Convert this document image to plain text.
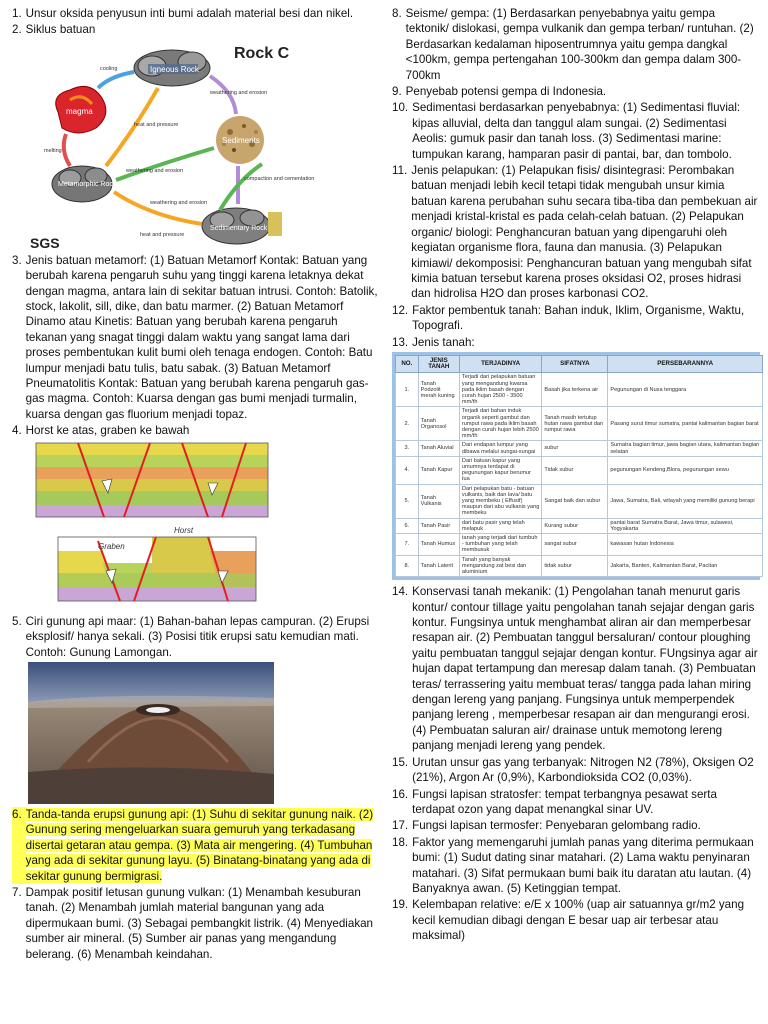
1. Unsur oksida penyusun inti bumi adalah material besi dan nikel.
2. Siklus batuan
Igneous Rock
magma
Sediments
Metamorphic Rock
Sedimentary Rock
cooling
weathering and erosion
heat and pressure
melting
weathering and erosion
compaction and cementation
weathering and erosion
heat and pressure
Rock C
SGS
3. Jenis batuan metamorf: (1) Batuan Metamorf Kontak: Batuan yang berubah karena pengaruh suhu yang tinggi karena letaknya dekat dengan magma, antara lain di sekitar batuan intrusi. Contoh: Batolik, stock, lakolit, sill, dike, dan batu marmer. (2) Batuan Metamorf Dinamo atau Kinetis: Batuan yang berubah karena pengaruh tekanan yang snagat tinggi dalam waktu yang sangat lama dari proses pembentukan kulit bumi oleh tenaga endogen. Contoh: Batu lumpur menjadi batu tulis, batu sabak. (3) Batuan Metamorf Pneumatolitis Kontak: Batuan yang berubah karena pengaruh gas-gas magma. Contoh: Kuarsa dengan gas bumi menjadi turmalin, kuarsa dengan gas fluorium menjadi topaz.
4. Horst ke atas, graben ke bawah
Graben
Horst
5. Ciri gunung api maar: (1) Bahan-bahan lepas campuran. (2) Erupsi eksplosif/ hanya sekali. (3) Posisi titik erupsi satu kemudian mati. Contoh: Gunung Lamongan.
6. Tanda-tanda erupsi gunung api: (1) Suhu di sekitar gunung naik. (2) Gunung sering mengeluarkan suara gemuruh yang terkadasang disertai getaran atau gempa. (3) Mata air mengering. (4) Tumbuhan yang ada di sekitar gunung layu. (5) Binatang-binatang yang ada di sekitar gunung bermigrasi.
7. Dampak positif letusan gunung vulkan: (1) Menambah kesuburan tanah. (2) Menambah jumlah material bangunan yang ada dipermukaan bumi. (3) Sebagai pembangkit listrik. (4) Menyediakan sumber air mineral. (5) Sumber air panas yang mengandung belerang. (6) Menambah keindahan.
8. Seisme/ gempa: (1) Berdasarkan penyebabnya yaitu gempa tektonik/ dislokasi, gempa vulkanik dan gempa terban/ runtuhan. (2) Berdasarkan kedalaman hiposentrumnya yaitu gempa dangkal <100km, gempa pertengahan 100-300km dan gempa dalam 300-700km
9. Penyebab potensi gempa di Indonesia.
10. Sedimentasi berdasarkan penyebabnya: (1) Sedimentasi fluvial: kipas alluvial, delta dan tanggul alam sungai. (2) Sedimentasi Aeolis: gumuk pasir dan tanah loss. (3) Sedimentasi marine: tumpukan karang, hamparan pasir di pantai, bar, dan tombolo.
11. Jenis pelapukan: (1) Pelapukan fisis/ disintegrasi: Perombakan batuan menjadi lebih kecil tetapi tidak mengubah unsur kimia batuan karena perubahan suhu secara tiba-tiba dan pembekuan air menjadi kristal-kristal es pada celah-celah batuan. (2) Pelapukan organic/ biologi: Penghancuran batuan yang dipengaruhi oleh kegiatan organisme flora, fauna dan manusia. (3) Pelapukan kimiawi/ dekomposisi: Penghancuran batuan yang mengubah sifat kimia batuan tersebut karena proses oksidasi O2, proses hidrasi dan hidrolisa H2O dan proses karbonasi CO2.
12. Faktor pembentuk tanah: Bahan induk, Iklim, Organisme, Waktu, Topografi.
13. Jenis tanah:
NO.	JENIS TANAH	TERJADINYA	SIFATNYA	PERSEBARANNYA
1.	Tanah Podzolit merah kuning	Terjadi dari pelapukan batuan yang mengandung kwarsa pada iklim basah dengan curah hujan 2500 - 3500 mm/th	Basah jika terkena air	Pegunungan di Nusa tenggara
2.	Tanah Organosol	Terjadi dari bahan induk organik seperti gambut dan rumput rawa pada iklim basah dengan curah hujan lebih 2500 mm/th	Tanah masih tertutup hutan rawa gambut dan rumput rawa	Pasang surut timur sumatra, pantai kalimantan bagian barat
3.	Tanah Aluvial	Dari endapan lumpur yang dibawa melalui sungai-sungai	subur	Sumatra bagian timur, jawa bagian utara, kalimantan bagian selatan
4.	Tanah Kapur	Dari batuan kapur yang umumnya terdapat di pegunungan kapur berumur tua	Tidak subur	pegunungan Kendeng,Blora, pegunungan sewu
5.	Tanah Vulkanis	Dari pelapukan batu - batuan vulkanis, baik dan lava/ batu yang membeku ( Effusif) maupun dari abu vulkanis yang membeku	Sangat baik dan subur	Jawa, Sumatra, Bali, wilayah yang memiliki gunung berapi
6.	Tanah Pasir	dari batu pasir yang telah melapuk	Kurang subur	pantai barat Sumatra Barat, Jawa timur, sulawesi, Yogyakarta
7.	Tanah Humus	tanah yang terjadi dari tumbuh - tumbuhan yang telah membusuk	sangat subur	kawasan hutan Indonesia
8.	Tanah Laterit	Tanah yang banyak mengandung zat besi dan aluminium	tidak subur	Jakarta, Banten, Kalimantan Barat, Pacitan
14. Konservasi tanah mekanik: (1) Pengolahan tanah menurut garis kontur/ contour tillage yaitu pengolahan tanah sejajar dengan garis kontur. Fungsinya untuk menghambat aliran air dan memperbesar resapan air. (2) Pembuatan tanggul bersaluran/ contour ploughing yaitu pembuatan tanggul sejajar dengan kontur. FUngsinya agar air hujan dapat tertampung dan meresap dalam tanah. (3) Pembuatan teras/ terrassering yaitu membuat teras/ tangga pada lahan miring dengan lereng yang panjang. Fungsinya untuk memperpendek panjang lereng , memperbesar resapan air dan mengurangi erosi. (4) Pembuatan saluran air/ drainase untuk memotong lereng panjang menjadi lereng yang pendek.
15. Urutan unsur gas yang terbanyak: Nitrogen N2 (78%), Oksigen O2 (21%), Argon Ar (0,9%), Karbondioksida CO2 (0,03%).
16. Fungsi lapisan stratosfer: tempat terbangnya pesawat serta terdapat ozon yang dapat menangkal sinar UV.
17. Fungsi lapisan termosfer: Penyebaran gelombang radio.
18. Faktor yang memengaruhi jumlah panas yang diterima permukaan bumi: (1) Sudut dating sinar matahari. (2) Lama waktu penyinaran matahari. (3) Sifat permukaan bumi baik itu daratan atu lautan. (4) Banyaknya awan. (5) Ketinggian tempat.
19. Kelembapan relative: e/E x 100% (uap air satuannya gr/m2 yang kecil kemudian dibagi dengan E besar uap air terbesar atau maksimal)
